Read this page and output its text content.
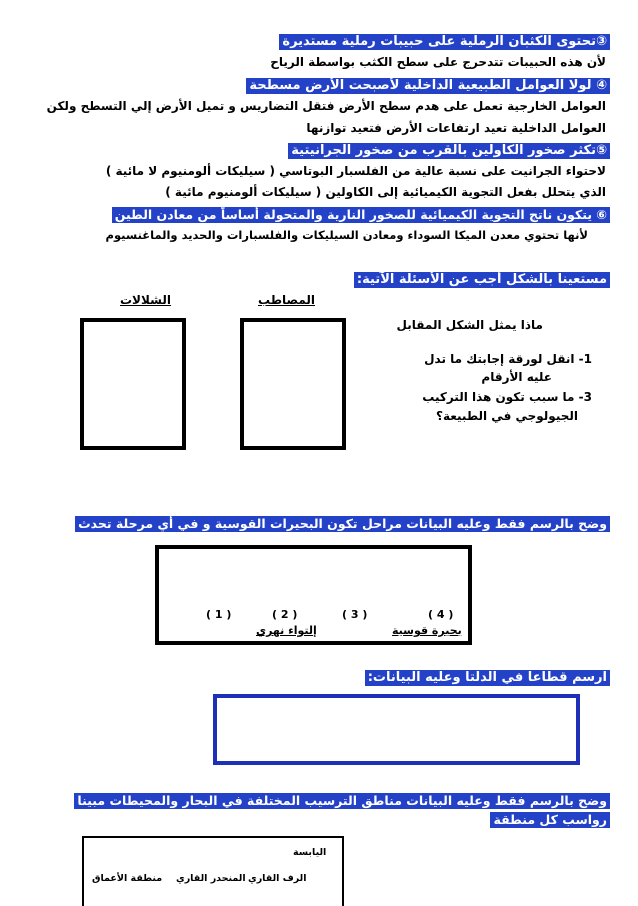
③تحتوى الكثبان الرملية على حبيبات رملية مستديرة
لأن هذه الحبيبات تتدحرج على سطح الكثب بواسطة الرياح
④ لولا العوامل الطبيعية الداخلية لأصبحت الأرض مسطحة
العوامل الخارجية تعمل على هدم سطح الأرض فتقل التضاريس و تميل الأرض إلي التسطح ولكن
العوامل الداخلية تعيد ارتفاعات الأرض فتعيد توازنها
⑤تكثر صخور الكاولين بالقرب من صخور الجرانيتية
لاحتواء الجرانيت على نسبة عالية من الفلسبار البوتاسي ( سيليكات ألومنيوم لا مائية )
الذي يتحلل بفعل التجوية الكيميائية إلى الكاولين ( سيليكات ألومنيوم مائية )
⑥ يتكون ناتج التجوية الكيميائية للصخور النارية والمتحولة أساساً من معادن الطين
لأنها تحتوي معدن الميكا السوداء ومعادن السيليكات والفلسبارات والحديد والماغنسيوم
مستعينا بالشكل أجب عن الأسئلة الآتية:
المصاطب
الشلالات
ماذا يمثل الشكل المقابل
1- انقل لورقة إجابتك ما تدل
عليه الأرقام
3- ما سبب تكون هذا التركيب
الجيولوجي في الطبيعة؟
وضح بالرسم فقط وعليه البيانات مراحل تكون البحيرات القوسية و في أي مرحلة تحدث
( 4 )
( 3 )
( 2 )
( 1 )
بحيرة قوسية
إلتواء نهري
ارسم قطاعا في الدلتا وعليه البيانات:
وضح بالرسم فقط وعليه البيانات مناطق الترسيب المختلفة في البحار والمحيطات مبينا
رواسب كل منطقة
اليابسة
الرف القاري
المنحدر القاري
منطقة الأعماق
